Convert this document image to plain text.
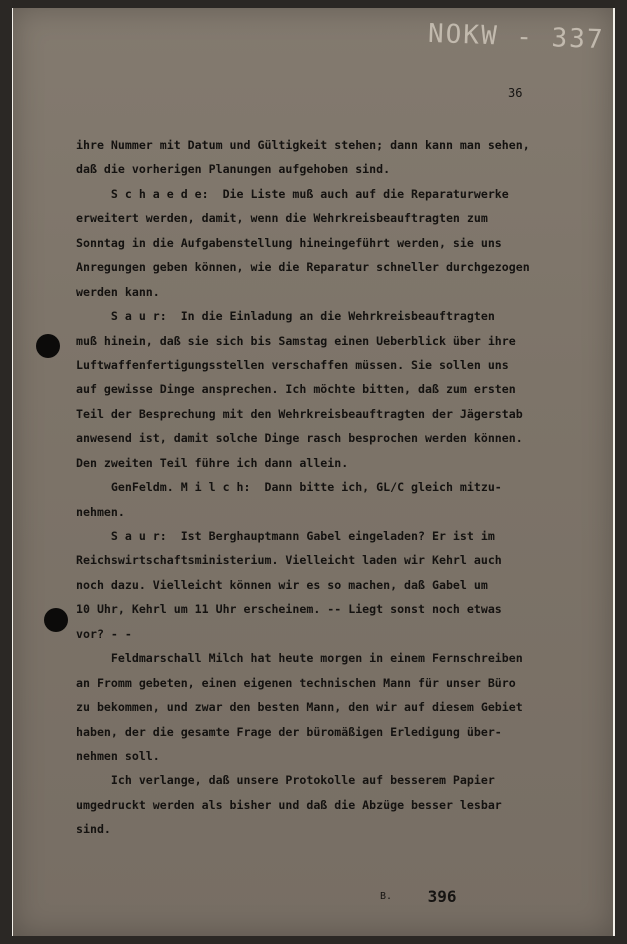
NOKW - 337
36
ihre Nummer mit Datum und Gültigkeit stehen; dann kann man sehen,
daß die vorherigen Planungen aufgehoben sind.
S c h a e d e:  Die Liste muß auch auf die Reparaturwerke
erweitert werden, damit, wenn die Wehrkreisbeauftragten zum
Sonntag in die Aufgabenstellung hineingeführt werden, sie uns
Anregungen geben können, wie die Reparatur schneller durchgezogen
werden kann.
S a u r:  In die Einladung an die Wehrkreisbeauftragten
muß hinein, daß sie sich bis Samstag einen Ueberblick über ihre
Luftwaffenfertigungsstellen verschaffen müssen. Sie sollen uns
auf gewisse Dinge ansprechen. Ich möchte bitten, daß zum ersten
Teil der Besprechung mit den Wehrkreisbeauftragten der Jägerstab
anwesend ist, damit solche Dinge rasch besprochen werden können.
Den zweiten Teil führe ich dann allein.
GenFeldm. M i l c h:  Dann bitte ich, GL/C gleich mitzu-
nehmen.
S a u r:  Ist Berghauptmann Gabel eingeladen? Er ist im
Reichswirtschaftsministerium. Vielleicht laden wir Kehrl auch
noch dazu. Vielleicht können wir es so machen, daß Gabel um
10 Uhr, Kehrl um 11 Uhr erscheinem. -- Liegt sonst noch etwas
vor? - -
Feldmarschall Milch hat heute morgen in einem Fernschreiben
an Fromm gebeten, einen eigenen technischen Mann für unser Büro
zu bekommen, und zwar den besten Mann, den wir auf diesem Gebiet
haben, der die gesamte Frage der büromäßigen Erledigung über-
nehmen soll.
Ich verlange, daß unsere Protokolle auf besserem Papier
umgedruckt werden als bisher und daß die Abzüge besser lesbar
sind.
B. 396
